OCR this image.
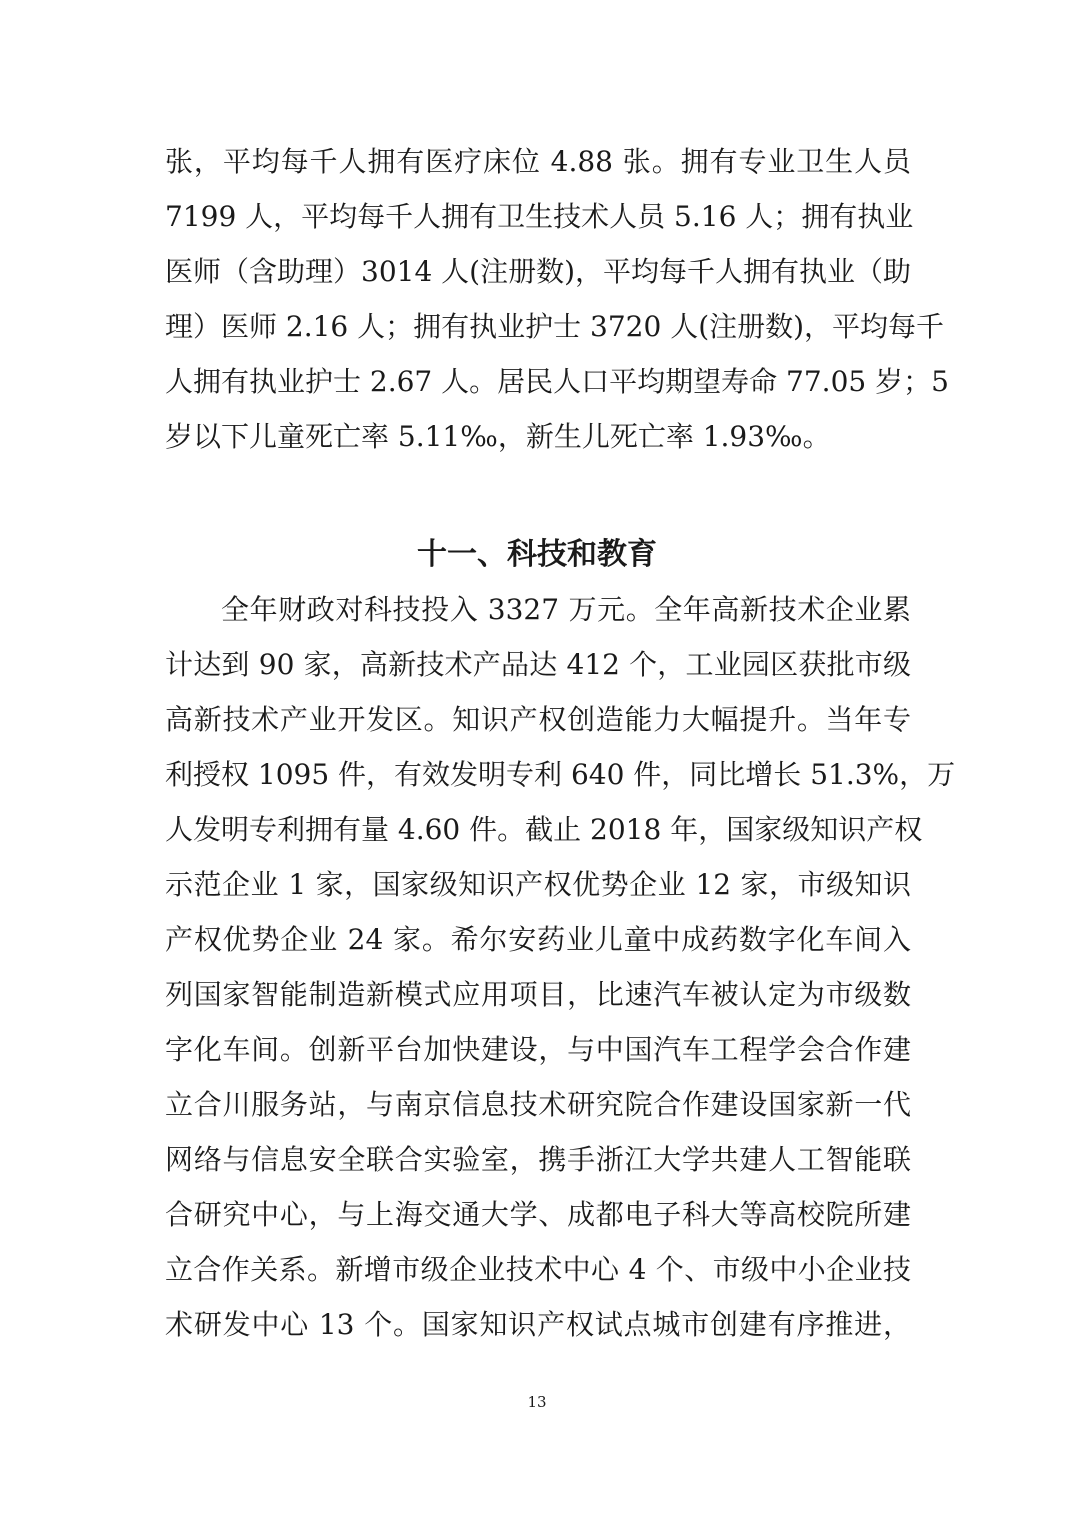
张，平均每千人拥有医疗床位 4.88 张。拥有专业卫生人员
7199 人，平均每千人拥有卫生技术人员 5.16 人；拥有执业
医师（含助理）3014 人(注册数)，平均每千人拥有执业（助
理）医师 2.16 人；拥有执业护士 3720 人(注册数)，平均每千
人拥有执业护士 2.67 人。居民人口平均期望寿命 77.05 岁；5
岁以下儿童死亡率 5.11‰，新生儿死亡率 1.93‰。
十一、科技和教育
全年财政对科技投入 3327 万元。全年高新技术企业累
计达到 90 家，高新技术产品达 412 个，工业园区获批市级
高新技术产业开发区。知识产权创造能力大幅提升。当年专
利授权 1095 件，有效发明专利 640 件，同比增长 51.3%，万
人发明专利拥有量 4.60 件。截止 2018 年，国家级知识产权
示范企业 1 家，国家级知识产权优势企业 12 家，市级知识
产权优势企业 24 家。希尔安药业儿童中成药数字化车间入
列国家智能制造新模式应用项目，比速汽车被认定为市级数
字化车间。创新平台加快建设，与中国汽车工程学会合作建
立合川服务站，与南京信息技术研究院合作建设国家新一代
网络与信息安全联合实验室，携手浙江大学共建人工智能联
合研究中心，与上海交通大学、成都电子科大等高校院所建
立合作关系。新增市级企业技术中心 4 个、市级中小企业技
术研发中心 13 个。国家知识产权试点城市创建有序推进，
13
